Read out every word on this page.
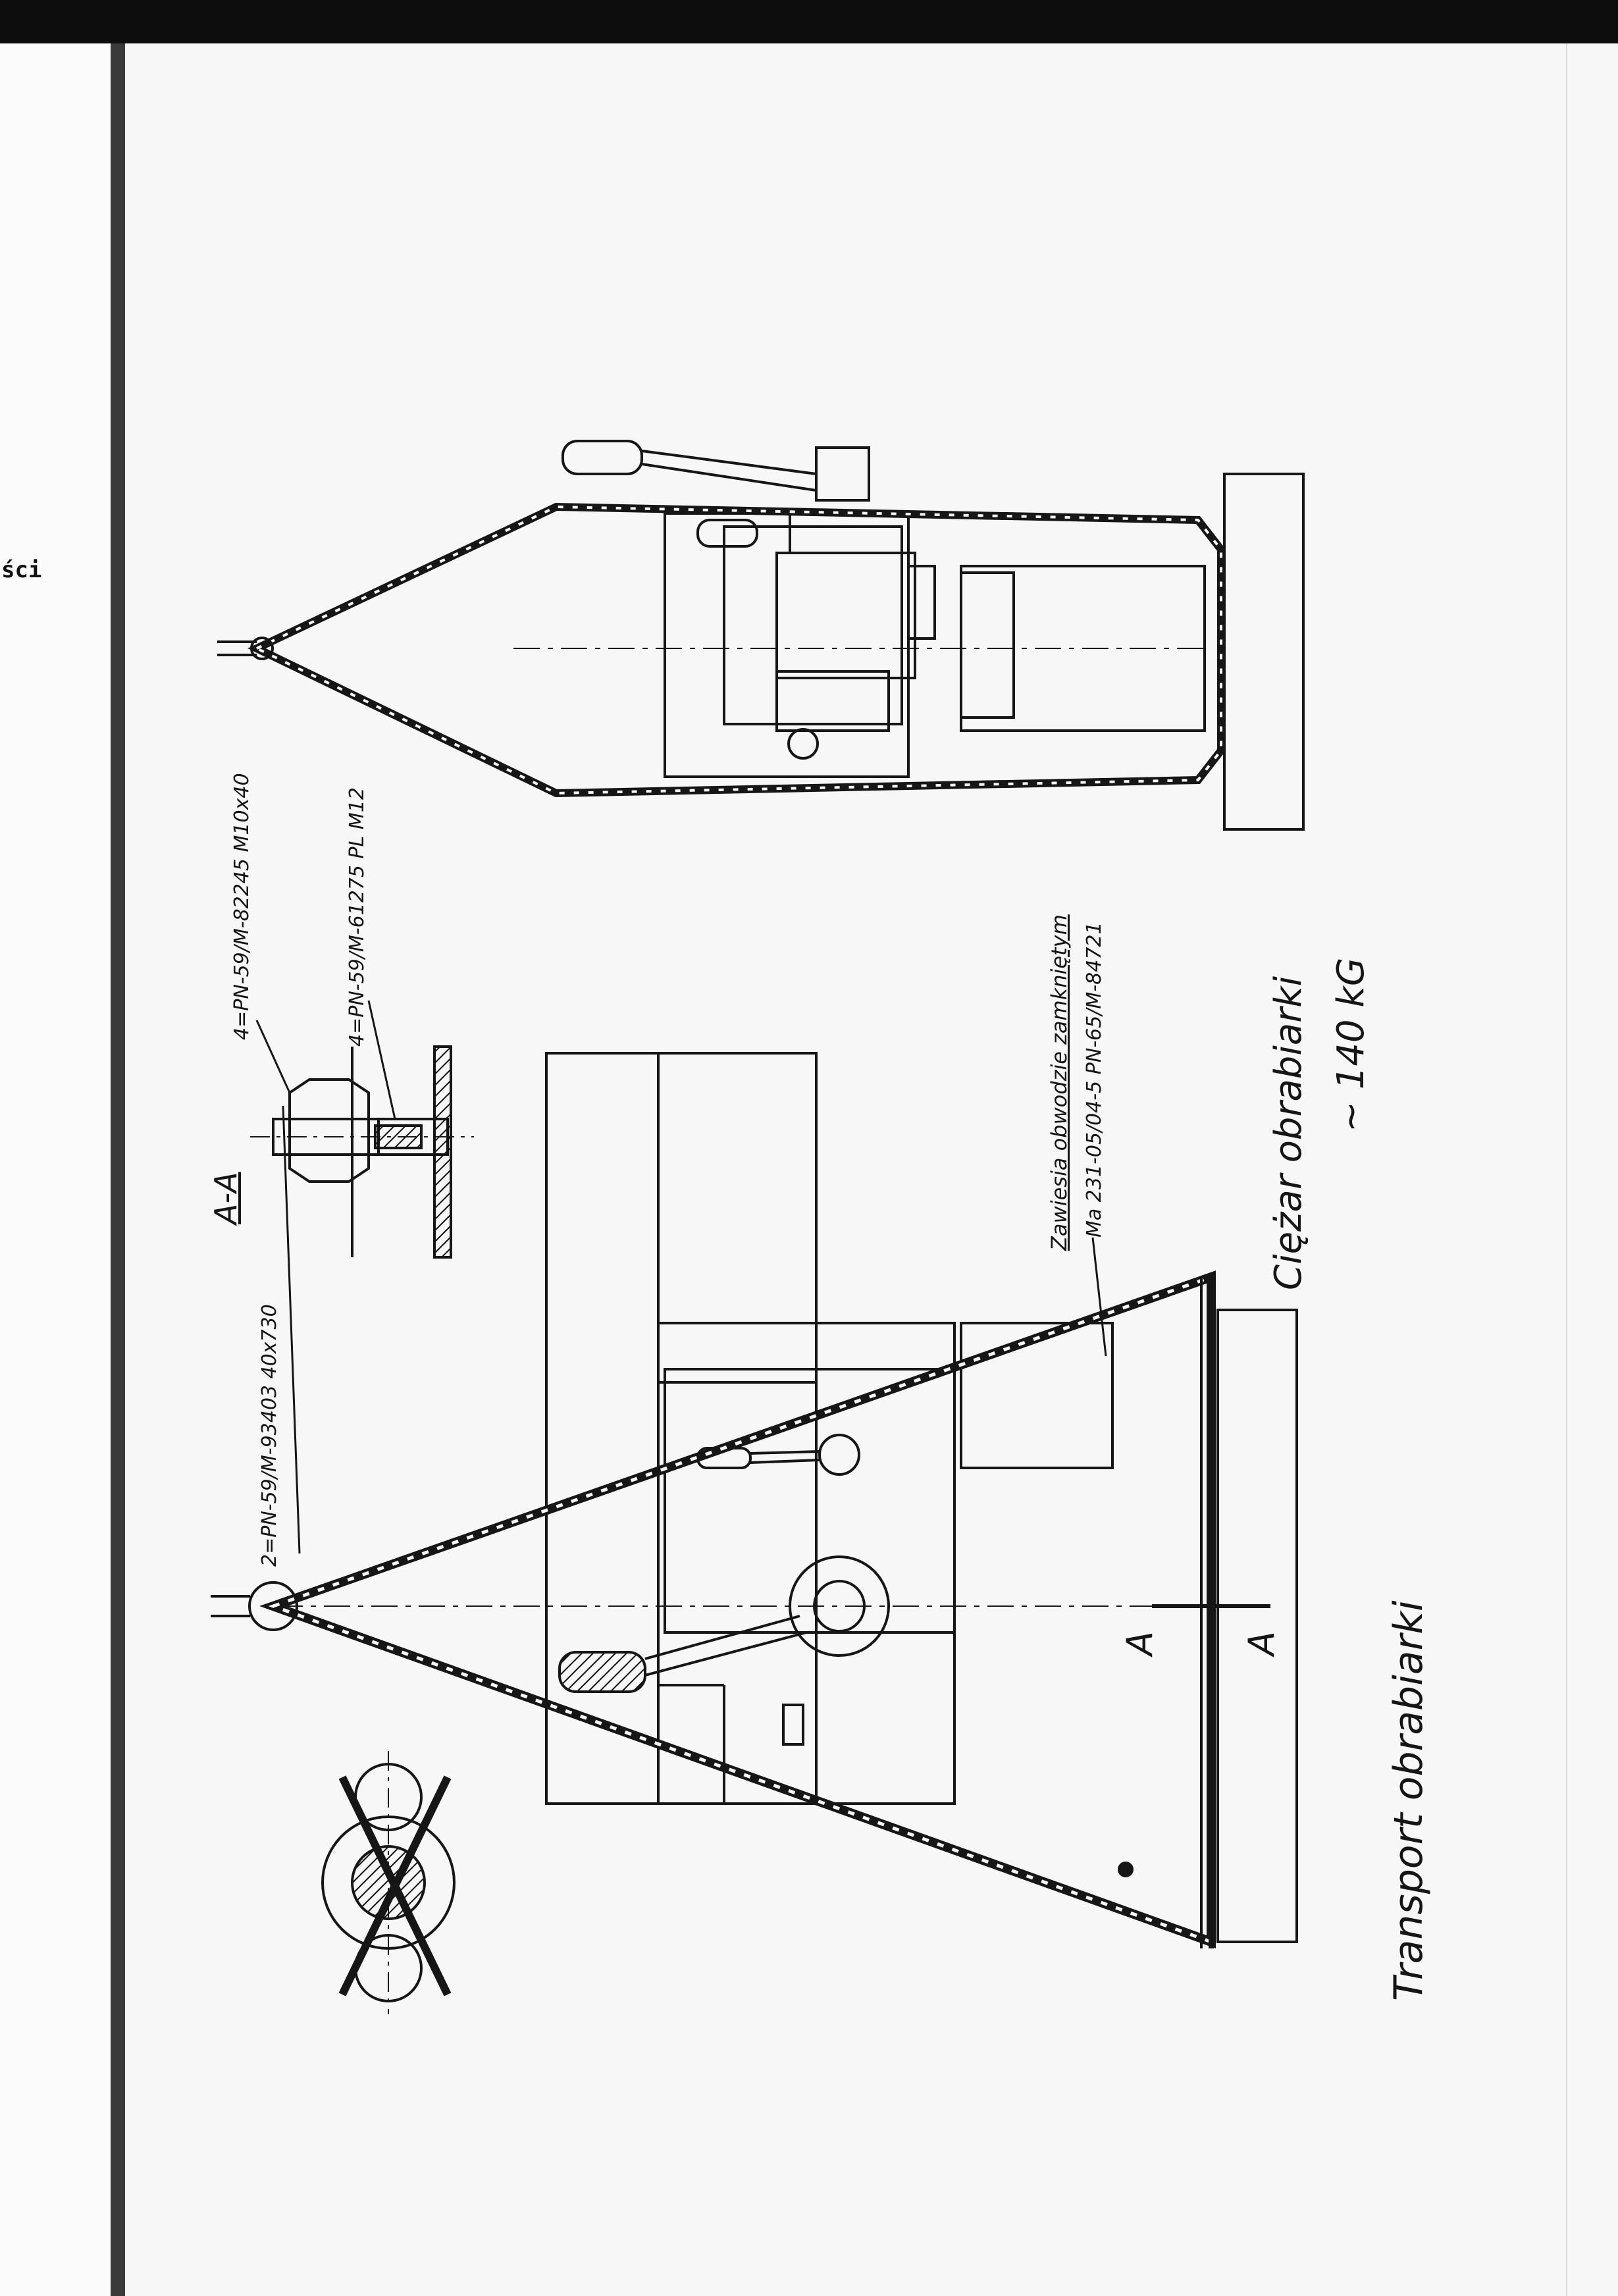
ści
Transport obrabiarki
Ciężar obrabiarki ~ 140 kG
A-A
A A
2=PN-59/M-93403 40x730
4=PN-59/M-82245 M10x40	4=PN-59/M-61275 PL M12	Zawiesia obwodzie zamkniętym Ma 231-05/04-5 PN-65/M-84721
